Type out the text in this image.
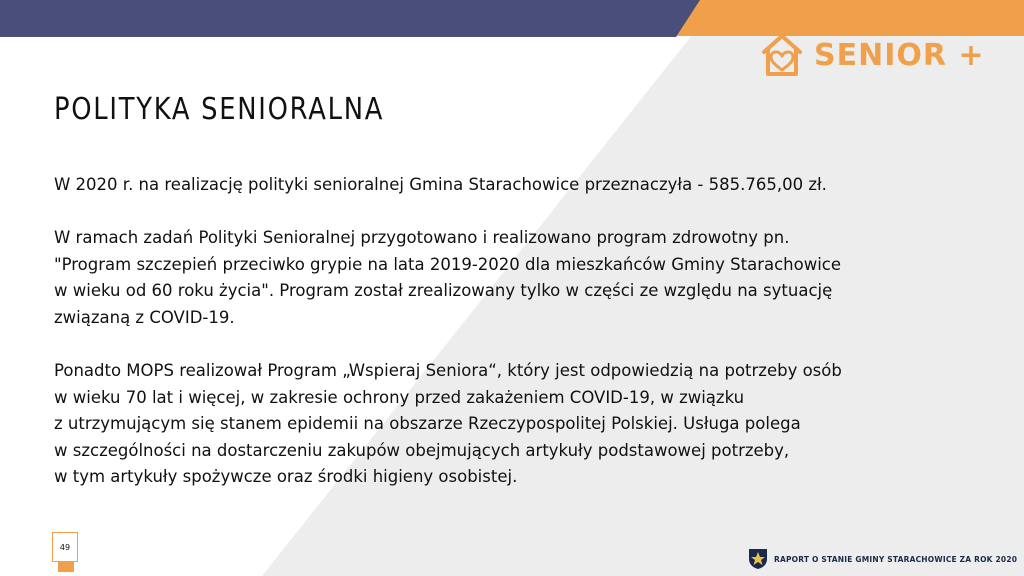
SENIOR +
POLITYKA SENIORALNA

W 2020 r. na realizację polityki senioralnej Gmina Starachowice przeznaczyła - 585.765,00 zł.

W ramach zadań Polityki Senioralnej przygotowano i realizowano program zdrowotny pn.
"Program szczepień przeciwko grypie na lata 2019-2020 dla mieszkańców Gminy Starachowice
w wieku od 60 roku życia". Program został zrealizowany tylko w części ze względu na sytuację
związaną z COVID-19.

Ponadto MOPS realizował Program „Wspieraj Seniora“, który jest odpowiedzią na potrzeby osób
w wieku 70 lat i więcej, w zakresie ochrony przed zakażeniem COVID-19, w związku
z utrzymującym się stanem epidemii na obszarze Rzeczypospolitej Polskiej. Usługa polega
w szczególności na dostarczeniu zakupów obejmujących artykuły podstawowej potrzeby,
w tym artykuły spożywcze oraz środki higieny osobistej.

49
RAPORT O STANIE GMINY STARACHOWICE ZA ROK 2020
